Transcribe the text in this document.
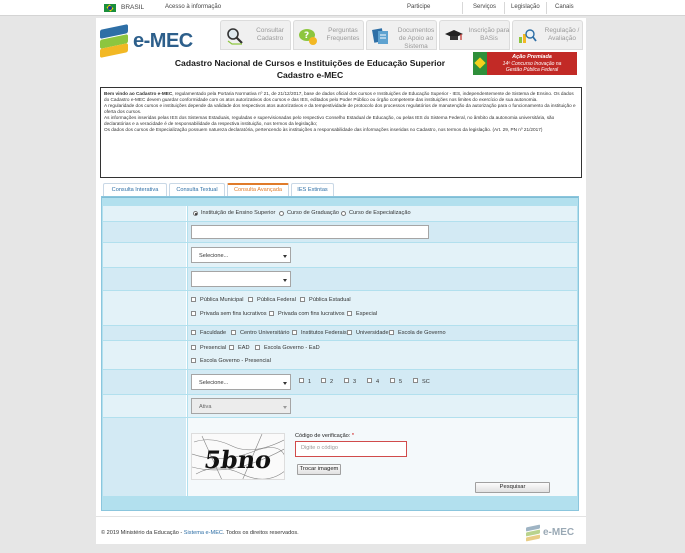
BRASIL	Acesso à informação	Participe	Serviços Legislação	Canais
e-MEC	Consultar Cadastro	?
Perguntas Frequentes
Documentos de Apoio ao Sistema
Inscrição para BASis
Regulação / Avaliação
Ação Premiada
14º Concurso Inovação na
Gestão Pública Federal
Cadastro Nacional de Cursos e Instituições de Educação Superior
Cadastro e-MEC

Bem vindo ao Cadastro e-MEC, regulamentado pela Portaria Normativa nº 21, de 21/12/2017, base de dados oficial dos cursos e Instituições de Educação Superior - IES, independentemente de Sistema de Ensino. Os dados do Cadastro e-MEC devem guardar conformidade com os atos autorizativos dos cursos e das IES, editados pelo Poder Público ou órgão competente das instituições nos limites do exercício de sua autonomia.

A regularidade dos cursos e instituições depende da validade dos respectivos atos autorizativos e da tempestividade de protocolo dos processos regulatórios de manutenção da autorização para o funcionamento da instituição e oferta dos cursos.

As informações inseridas pelas IES dos Sistemas Estaduais, reguladas e supervisionadas pelo respectivo Conselho Estadual de Educação, ou pelas IES do Sistema Federal, no âmbito da autonomia universitária, são declaratórias e a veracidade é de responsabilidade da respectiva instituição, nos termos da legislação;

Os dados dos cursos de Especialização possuem natureza declaratória, pertencendo às instituições a responsabilidade das informações inseridas no Cadastro, nos termos da legislação. (Art. 29, PN nº 21/2017)

Consulta Interativa	Consulta Textual	Consulta Avançada	IES Extintas
Instituição de Ensino Superior Curso de Graduação Curso de Especialização
Selecione...
Pública Municipal Pública Federal Pública Estadual
Privada sem fins lucrativos Privada com fins lucrativos Especial
Faculdade Centro Universitário Institutos Federais Universidade Escola de Governo
Presencial EAD	Escola Governo - EaD
Escola Governo - Presencial
Selecione...	1	2	3	4	5	SC
Ativa
5bno
Código de verificação: *
Digite o código
Trocar imagem
Pesquisar
© 2019 Ministério da Educação - Sistema e-MEC. Todos os direitos reservados.	e-MEC
